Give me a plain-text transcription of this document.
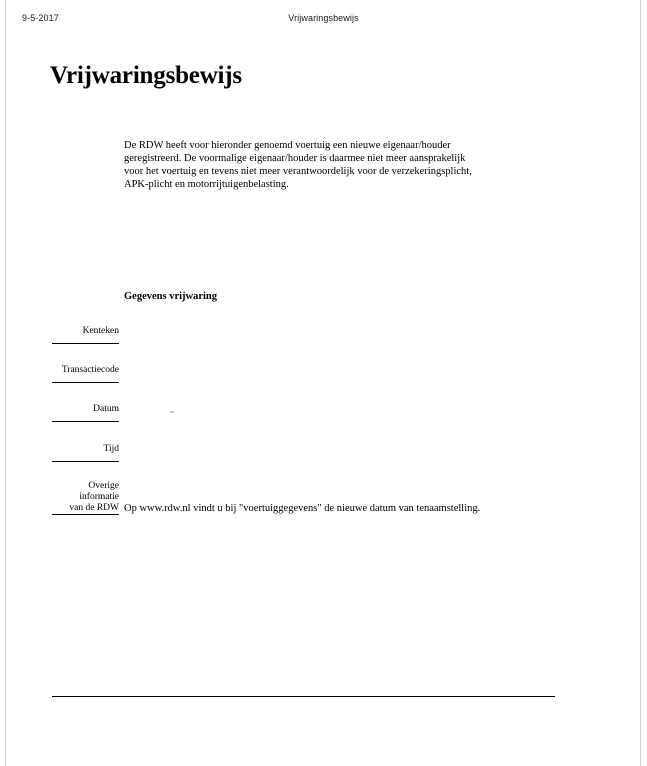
9-5-2017	Vrijwaringsbewijs
Vrijwaringsbewijs

De RDW heeft voor hieronder genoemd voertuig een nieuwe eigenaar/houder geregistreerd. De voormalige eigenaar/houder is daarmee niet meer aansprakelijk voor het voertuig en tevens niet meer verantwoordelijk voor de verzekeringsplicht, APK-plicht en motorrijtuigenbelasting.

Gegevens vrijwaring
Kenteken
Transactiecode
Datum
Tijd
Overige
informatie
van de RDW Op www.rdw.nl vindt u bij "voertuiggegevens" de nieuwe datum van tenaamstelling.
